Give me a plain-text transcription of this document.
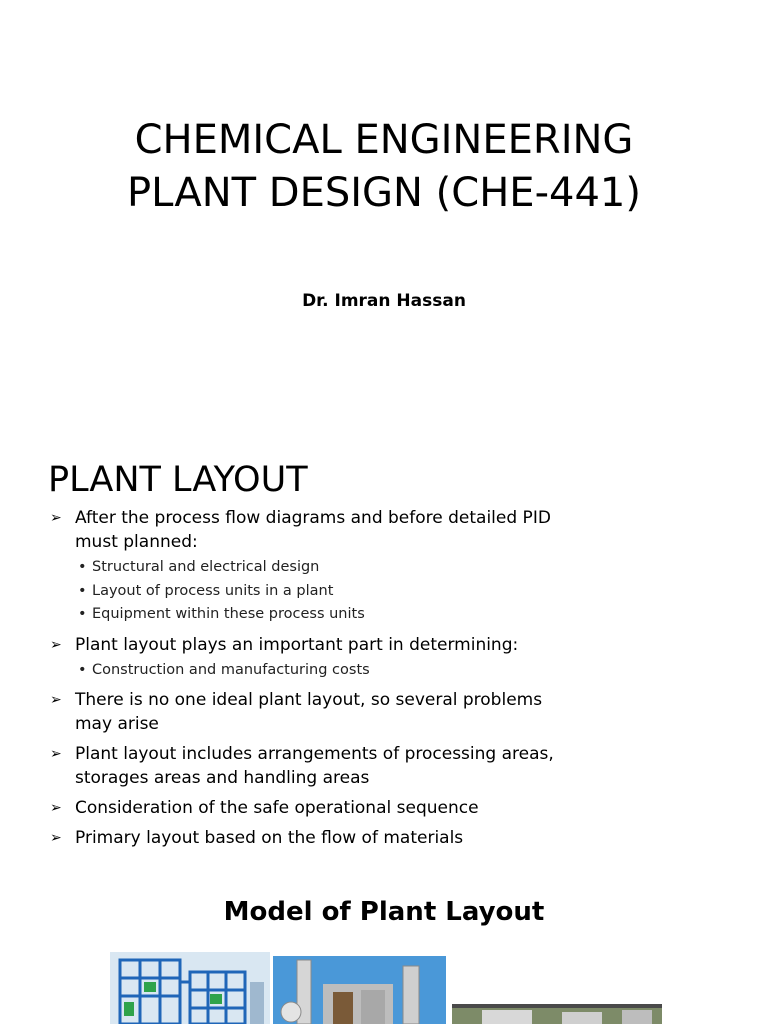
CHEMICAL ENGINEERING
PLANT DESIGN (CHE-441)
Dr. Imran Hassan
PLANT LAYOUT
➢ After the process flow diagrams and before detailed PID must planned:
• Structural and electrical design
• Layout of process units in a plant
• Equipment within these process units
➢ Plant layout plays an important part in determining:
• Construction and manufacturing costs
➢ There is no one ideal plant layout, so several problems may arise
➢ Plant layout includes arrangements of processing areas, storages areas and handling areas
➢ Consideration of the safe operational sequence
➢ Primary layout based on the flow of materials
Model of Plant Layout
